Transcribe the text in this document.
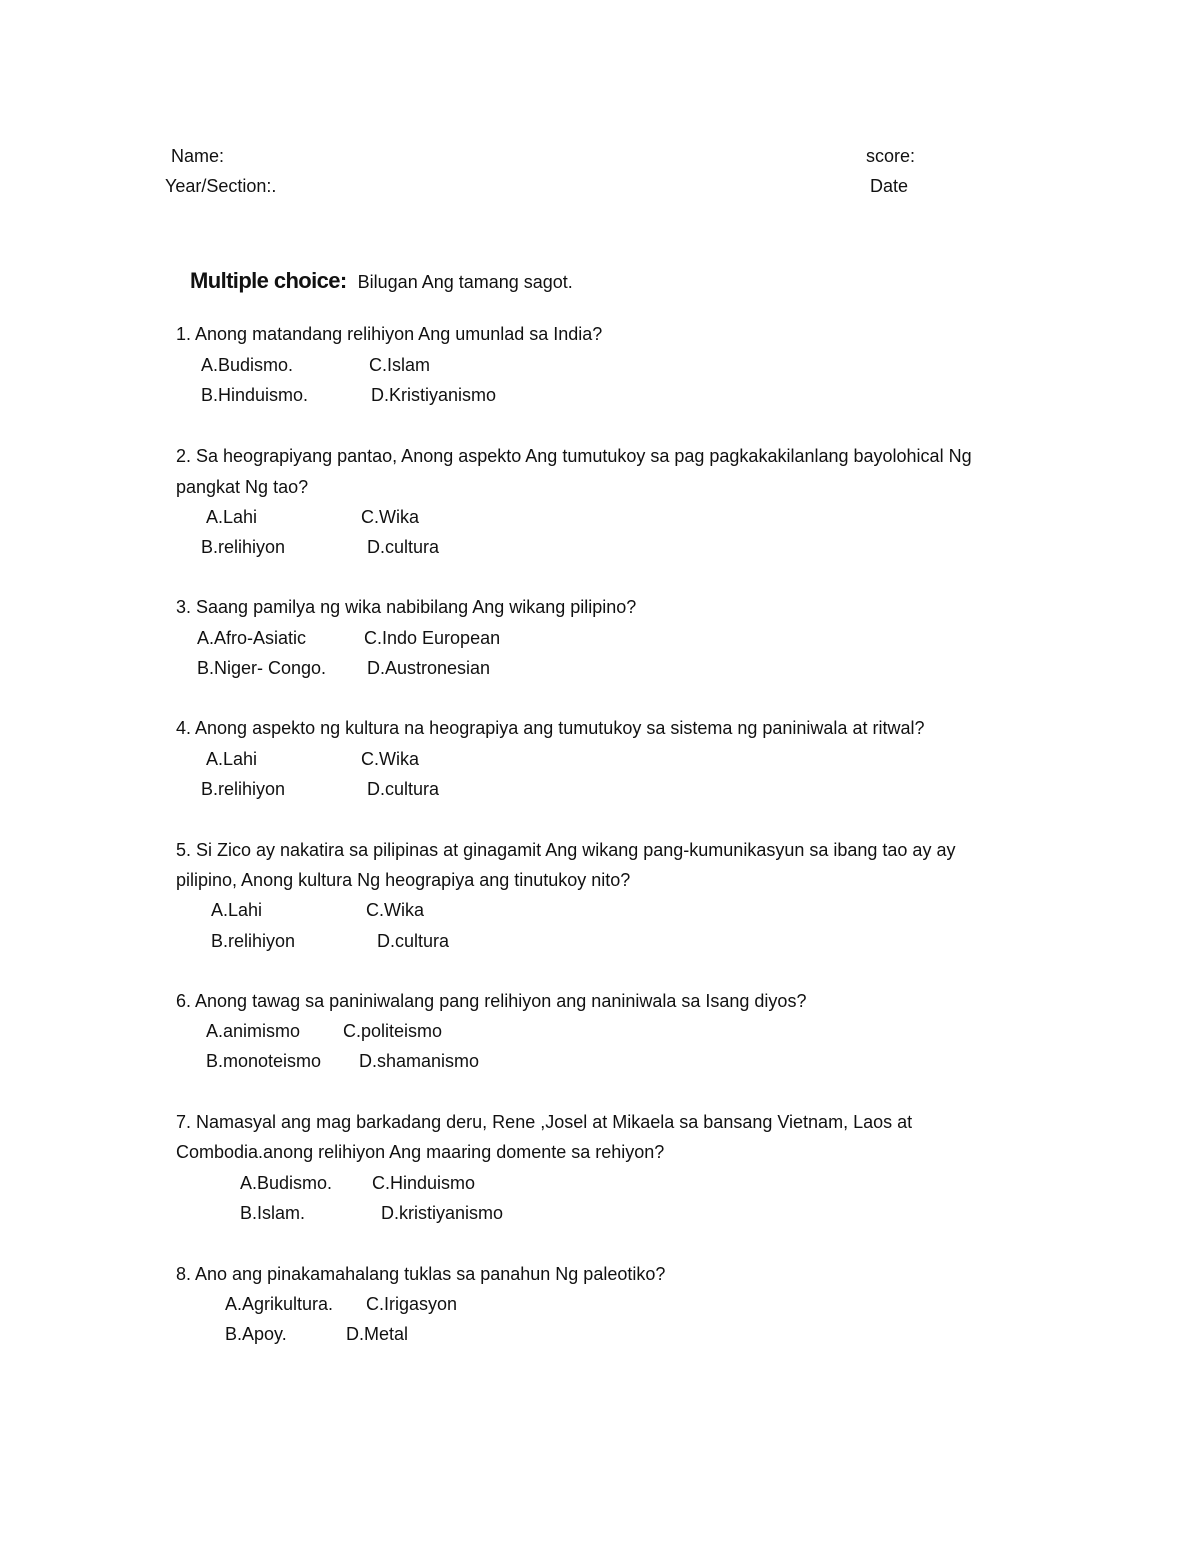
Name:	score:
Year/Section:.	Date
Multiple choice: Bilugan Ang tamang sagot.
1. Anong matandang relihiyon Ang umunlad sa India?
A.Budismo.	C.Islam
B.Hinduismo.	D.Kristiyanismo
2. Sa heograpiyang pantao, Anong aspekto Ang tumutukoy sa pag pagkakakilanlang bayolohical Ng
pangkat Ng tao?
A.Lahi	C.Wika
B.relihiyon	D.cultura
3. Saang pamilya ng wika nabibilang Ang wikang pilipino?
A.Afro-Asiatic	C.Indo European
B.Niger- Congo. D.Austronesian
4. Anong aspekto ng kultura na heograpiya ang tumutukoy sa sistema ng paniniwala at ritwal?
A.Lahi	C.Wika
B.relihiyon	D.cultura
5. Si Zico ay nakatira sa pilipinas at ginagamit Ang wikang pang-kumunikasyun sa ibang tao ay ay
pilipino, Anong kultura Ng heograpiya ang tinutukoy nito?
A.Lahi	C.Wika
B.relihiyon	D.cultura
6. Anong tawag sa paniniwalang pang relihiyon ang naniniwala sa Isang diyos?
A.animismo C.politeismo
B.monoteismo D.shamanismo
7. Namasyal ang mag barkadang deru, Rene ,Josel at Mikaela sa bansang Vietnam, Laos at
Combodia.anong relihiyon Ang maaring domente sa rehiyon?
A.Budismo. C.Hinduismo
B.Islam.	D.kristiyanismo
8. Ano ang pinakamahalang tuklas sa panahun Ng paleotiko?
A.Agrikultura. C.Irigasyon
B.Apoy.	D.Metal
